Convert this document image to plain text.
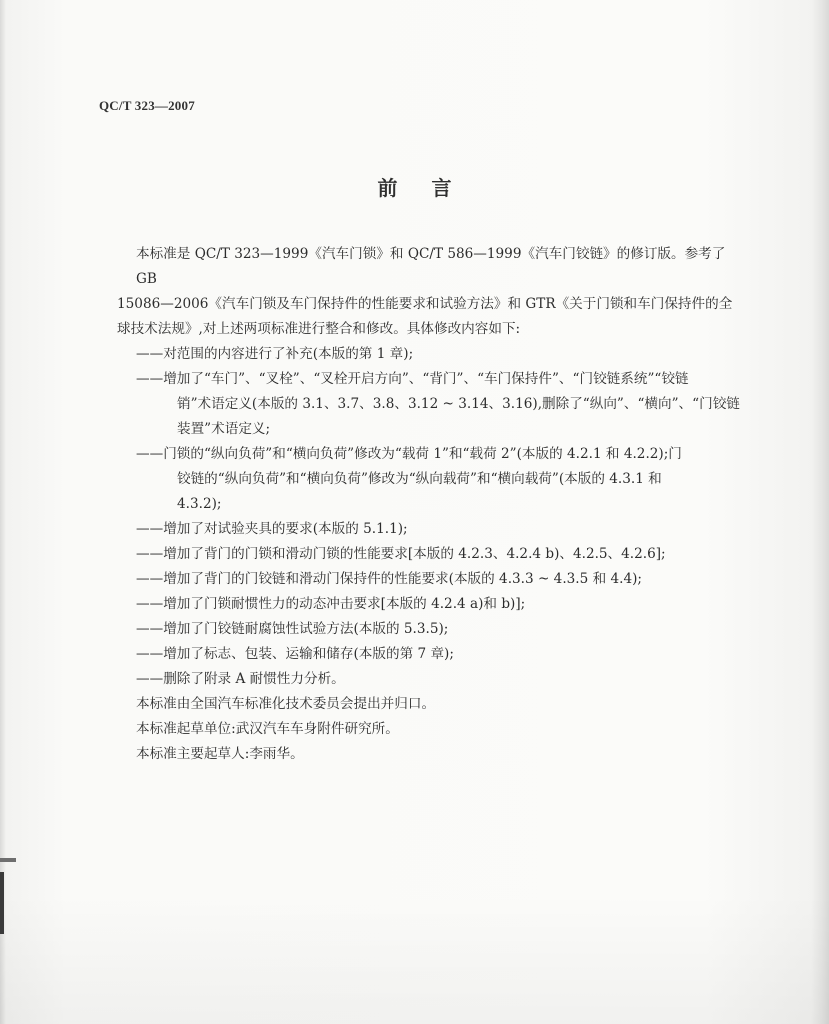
QC/T 323—2007
前言
本标准是 QC/T 323—1999《汽车门锁》和 QC/T 586—1999《汽车门铰链》的修订版。参考了 GB
15086—2006《汽车门锁及车门保持件的性能要求和试验方法》和 GTR《关于门锁和车门保持件的全
球技术法规》,对上述两项标准进行整合和修改。具体修改内容如下:
——对范围的内容进行了补充(本版的第 1 章);
——增加了“车门”、“叉栓”、“叉栓开启方向”、“背门”、“车门保持件”、“门铰链系统”“铰链
销”术语定义(本版的 3.1、3.7、3.8、3.12 ~ 3.14、3.16),删除了“纵向”、“横向”、“门铰链
装置”术语定义;
——门锁的“纵向负荷”和“横向负荷”修改为“载荷 1”和“载荷 2”(本版的 4.2.1 和 4.2.2);门
铰链的“纵向负荷”和“横向负荷”修改为“纵向载荷”和“横向载荷”(本版的 4.3.1 和
4.3.2);
——增加了对试验夹具的要求(本版的 5.1.1);
——增加了背门的门锁和滑动门锁的性能要求[本版的 4.2.3、4.2.4 b)、4.2.5、4.2.6];
——增加了背门的门铰链和滑动门保持件的性能要求(本版的 4.3.3 ~ 4.3.5 和 4.4);
——增加了门锁耐惯性力的动态冲击要求[本版的 4.2.4 a)和 b)];
——增加了门铰链耐腐蚀性试验方法(本版的 5.3.5);
——增加了标志、包装、运输和储存(本版的第 7 章);
——删除了附录 A 耐惯性力分析。
本标准由全国汽车标准化技术委员会提出并归口。
本标准起草单位:武汉汽车车身附件研究所。
本标准主要起草人:李雨华。
